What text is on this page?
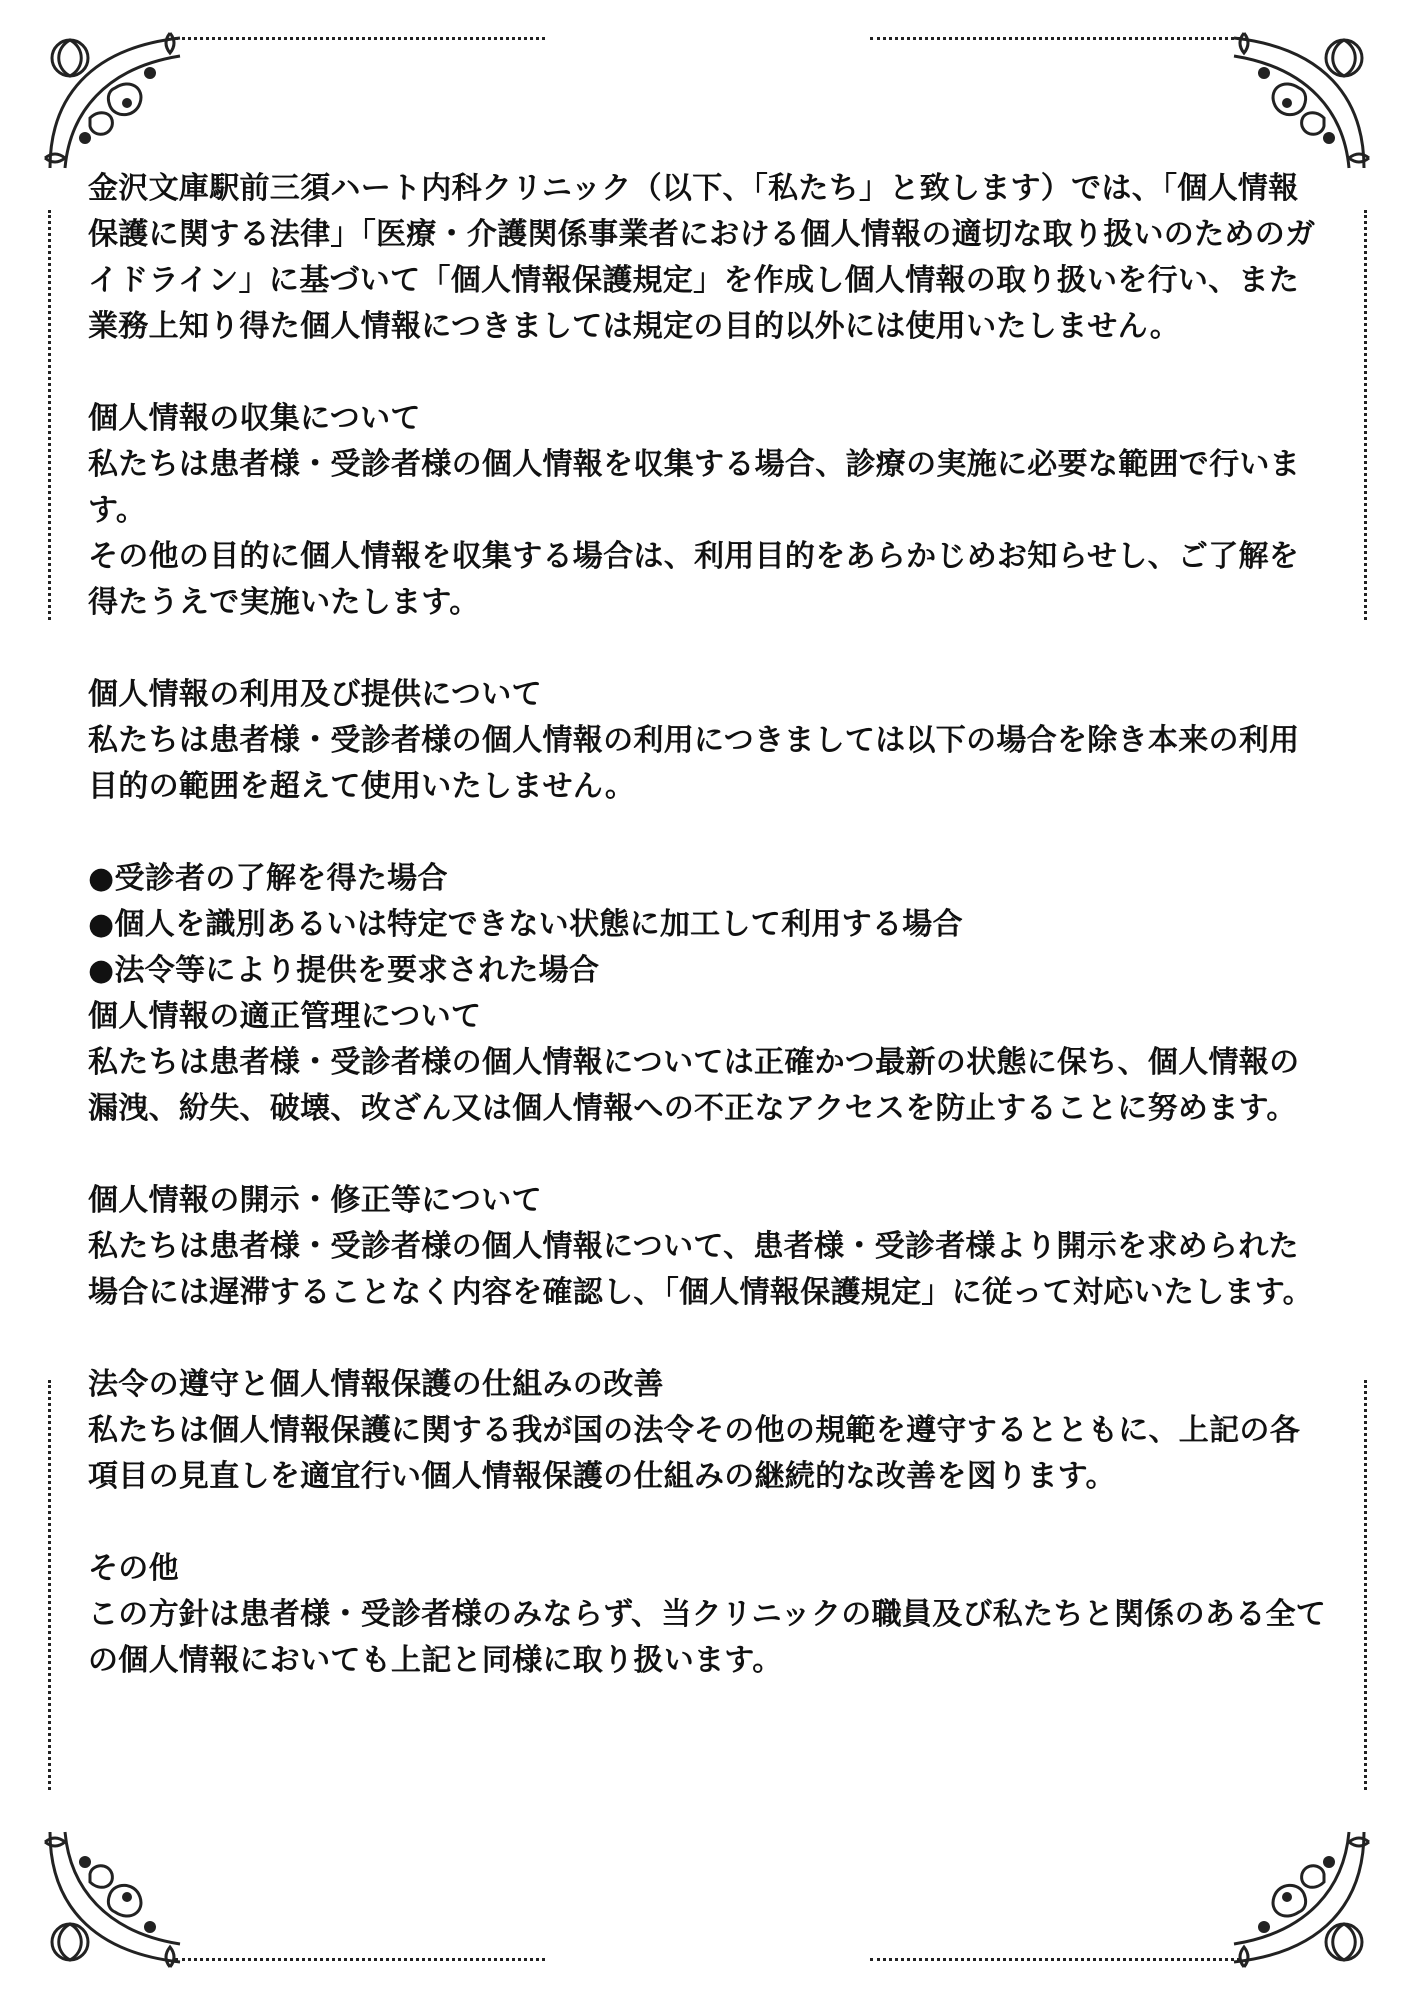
金沢文庫駅前三須ハート内科クリニック（以下、「私たち」と致します）では、「個人情報保護に関する法律」「医療・介護関係事業者における個人情報の適切な取り扱いのためのガイドライン」に基づいて「個人情報保護規定」を作成し個人情報の取り扱いを行い、また業務上知り得た個人情報につきましては規定の目的以外には使用いたしません。

個人情報の収集について

私たちは患者様・受診者様の個人情報を収集する場合、診療の実施に必要な範囲で行います。

その他の目的に個人情報を収集する場合は、利用目的をあらかじめお知らせし、ご了解を得たうえで実施いたします。

個人情報の利用及び提供について

私たちは患者様・受診者様の個人情報の利用につきましては以下の場合を除き本来の利用目的の範囲を超えて使用いたしません。

●受診者の了解を得た場合
●個人を識別あるいは特定できない状態に加工して利用する場合
●法令等により提供を要求された場合

個人情報の適正管理について

私たちは患者様・受診者様の個人情報については正確かつ最新の状態に保ち、個人情報の漏洩、紛失、破壊、改ざん又は個人情報への不正なアクセスを防止することに努めます。

個人情報の開示・修正等について

私たちは患者様・受診者様の個人情報について、患者様・受診者様より開示を求められた場合には遅滞することなく内容を確認し、「個人情報保護規定」に従って対応いたします。

法令の遵守と個人情報保護の仕組みの改善

私たちは個人情報保護に関する我が国の法令その他の規範を遵守するとともに、上記の各項目の見直しを適宜行い個人情報保護の仕組みの継続的な改善を図ります。

その他

この方針は患者様・受診者様のみならず、当クリニックの職員及び私たちと関係のある全ての個人情報においても上記と同様に取り扱います。
